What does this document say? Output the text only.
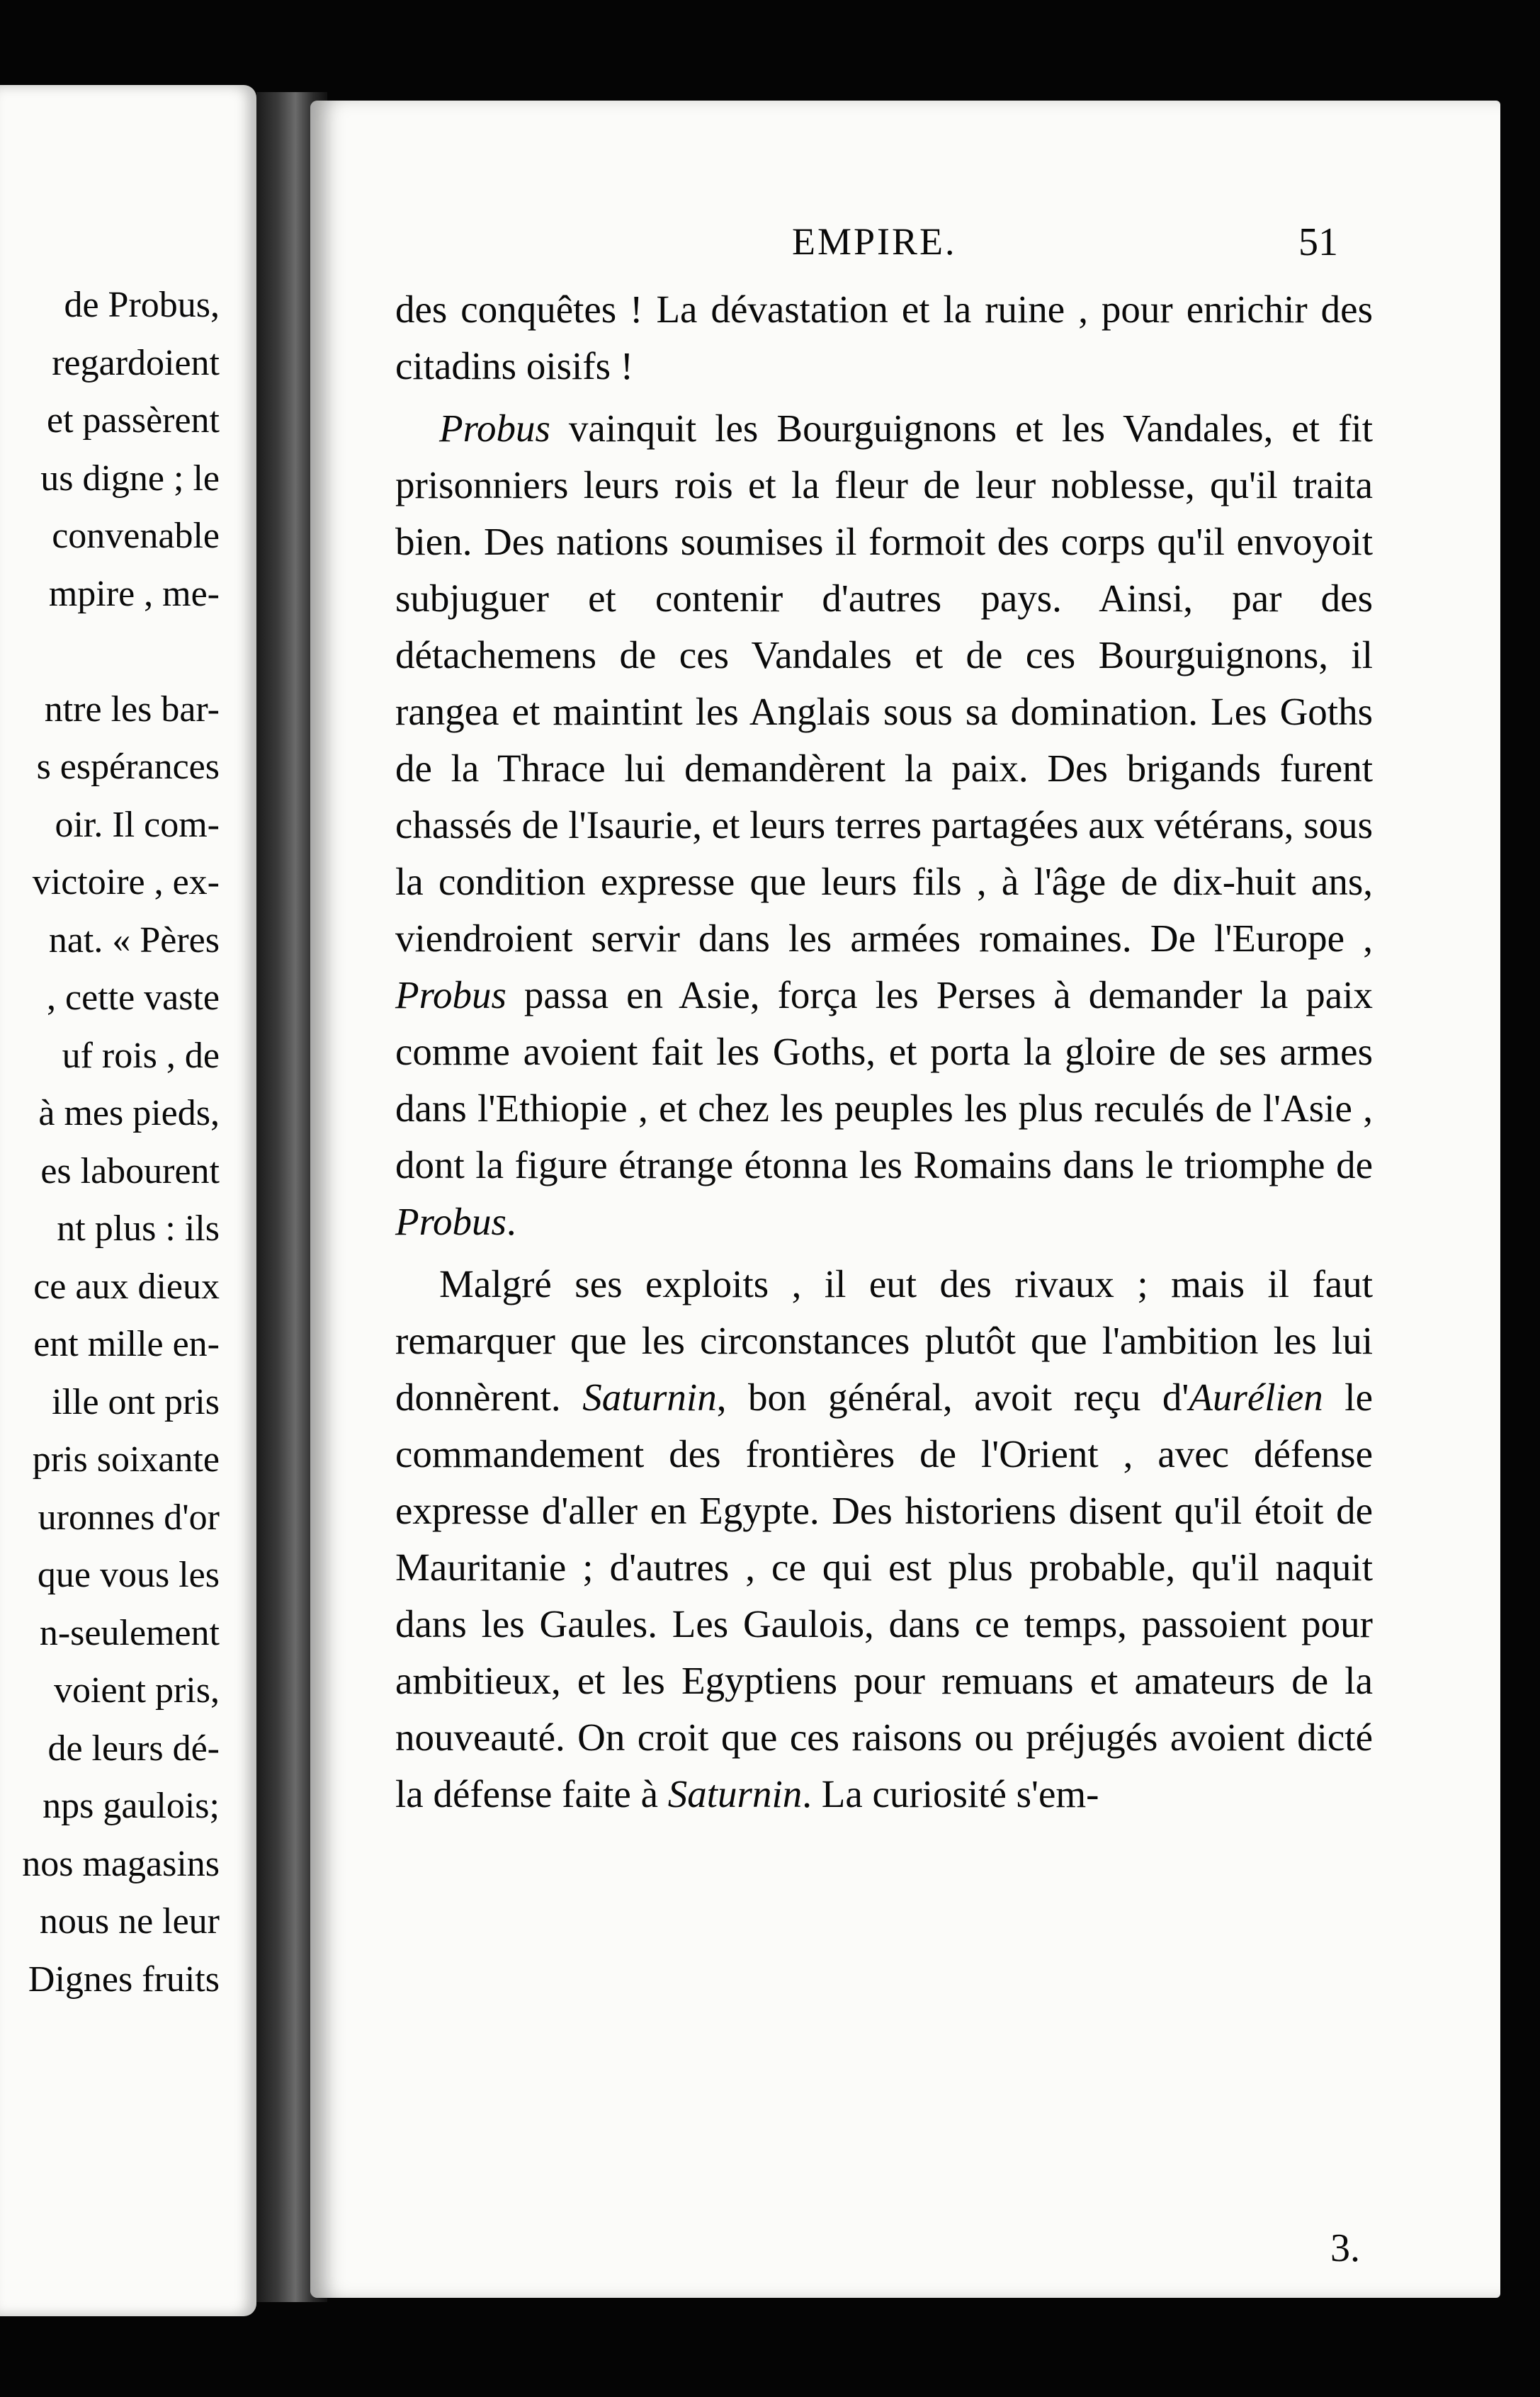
de Probus,
regardoient
et passèrent
us digne ; le
convenable
mpire , me-

ntre les bar-
s espérances
oir. Il com-
victoire , ex-
nat. « Pères
, cette vaste
uf rois , de
à mes pieds,
es labourent
nt plus : ils
ce aux dieux
ent mille en-
ille ont pris
pris soixante
uronnes d'or
que vous les
n-seulement
voient pris,
de leurs dé-
nps gaulois;
nos magasins
nous ne leur
Dignes fruits
EMPIRE.	51

des conquêtes ! La dévastation et la ruine , pour enrichir des citadins oisifs !

Probus vainquit les Bourguignons et les Vandales, et fit prisonniers leurs rois et la fleur de leur noblesse, qu'il traita bien. Des nations soumises il formoit des corps qu'il envoyoit subjuguer et contenir d'autres pays. Ainsi, par des détachemens de ces Vandales et de ces Bourguignons, il rangea et maintint les Anglais sous sa domination. Les Goths de la Thrace lui demandèrent la paix. Des brigands furent chassés de l'Isaurie, et leurs terres partagées aux vétérans, sous la condition expresse que leurs fils , à l'âge de dix-huit ans, viendroient servir dans les armées romaines. De l'Europe , Probus passa en Asie, força les Perses à demander la paix comme avoient fait les Goths, et porta la gloire de ses armes dans l'Ethiopie , et chez les peuples les plus reculés de l'Asie , dont la figure étrange étonna les Romains dans le triomphe de Probus.

Malgré ses exploits , il eut des rivaux ; mais il faut remarquer que les circonstances plutôt que l'ambition les lui donnèrent. Saturnin, bon général, avoit reçu d'Aurélien le commandement des frontières de l'Orient , avec défense expresse d'aller en Egypte. Des historiens disent qu'il étoit de Mauritanie ; d'autres , ce qui est plus probable, qu'il naquit dans les Gaules. Les Gaulois, dans ce temps, passoient pour ambitieux, et les Egyptiens pour remuans et amateurs de la nouveauté. On croit que ces raisons ou préjugés avoient dicté la défense faite à Saturnin. La curiosité s'em-

3.
